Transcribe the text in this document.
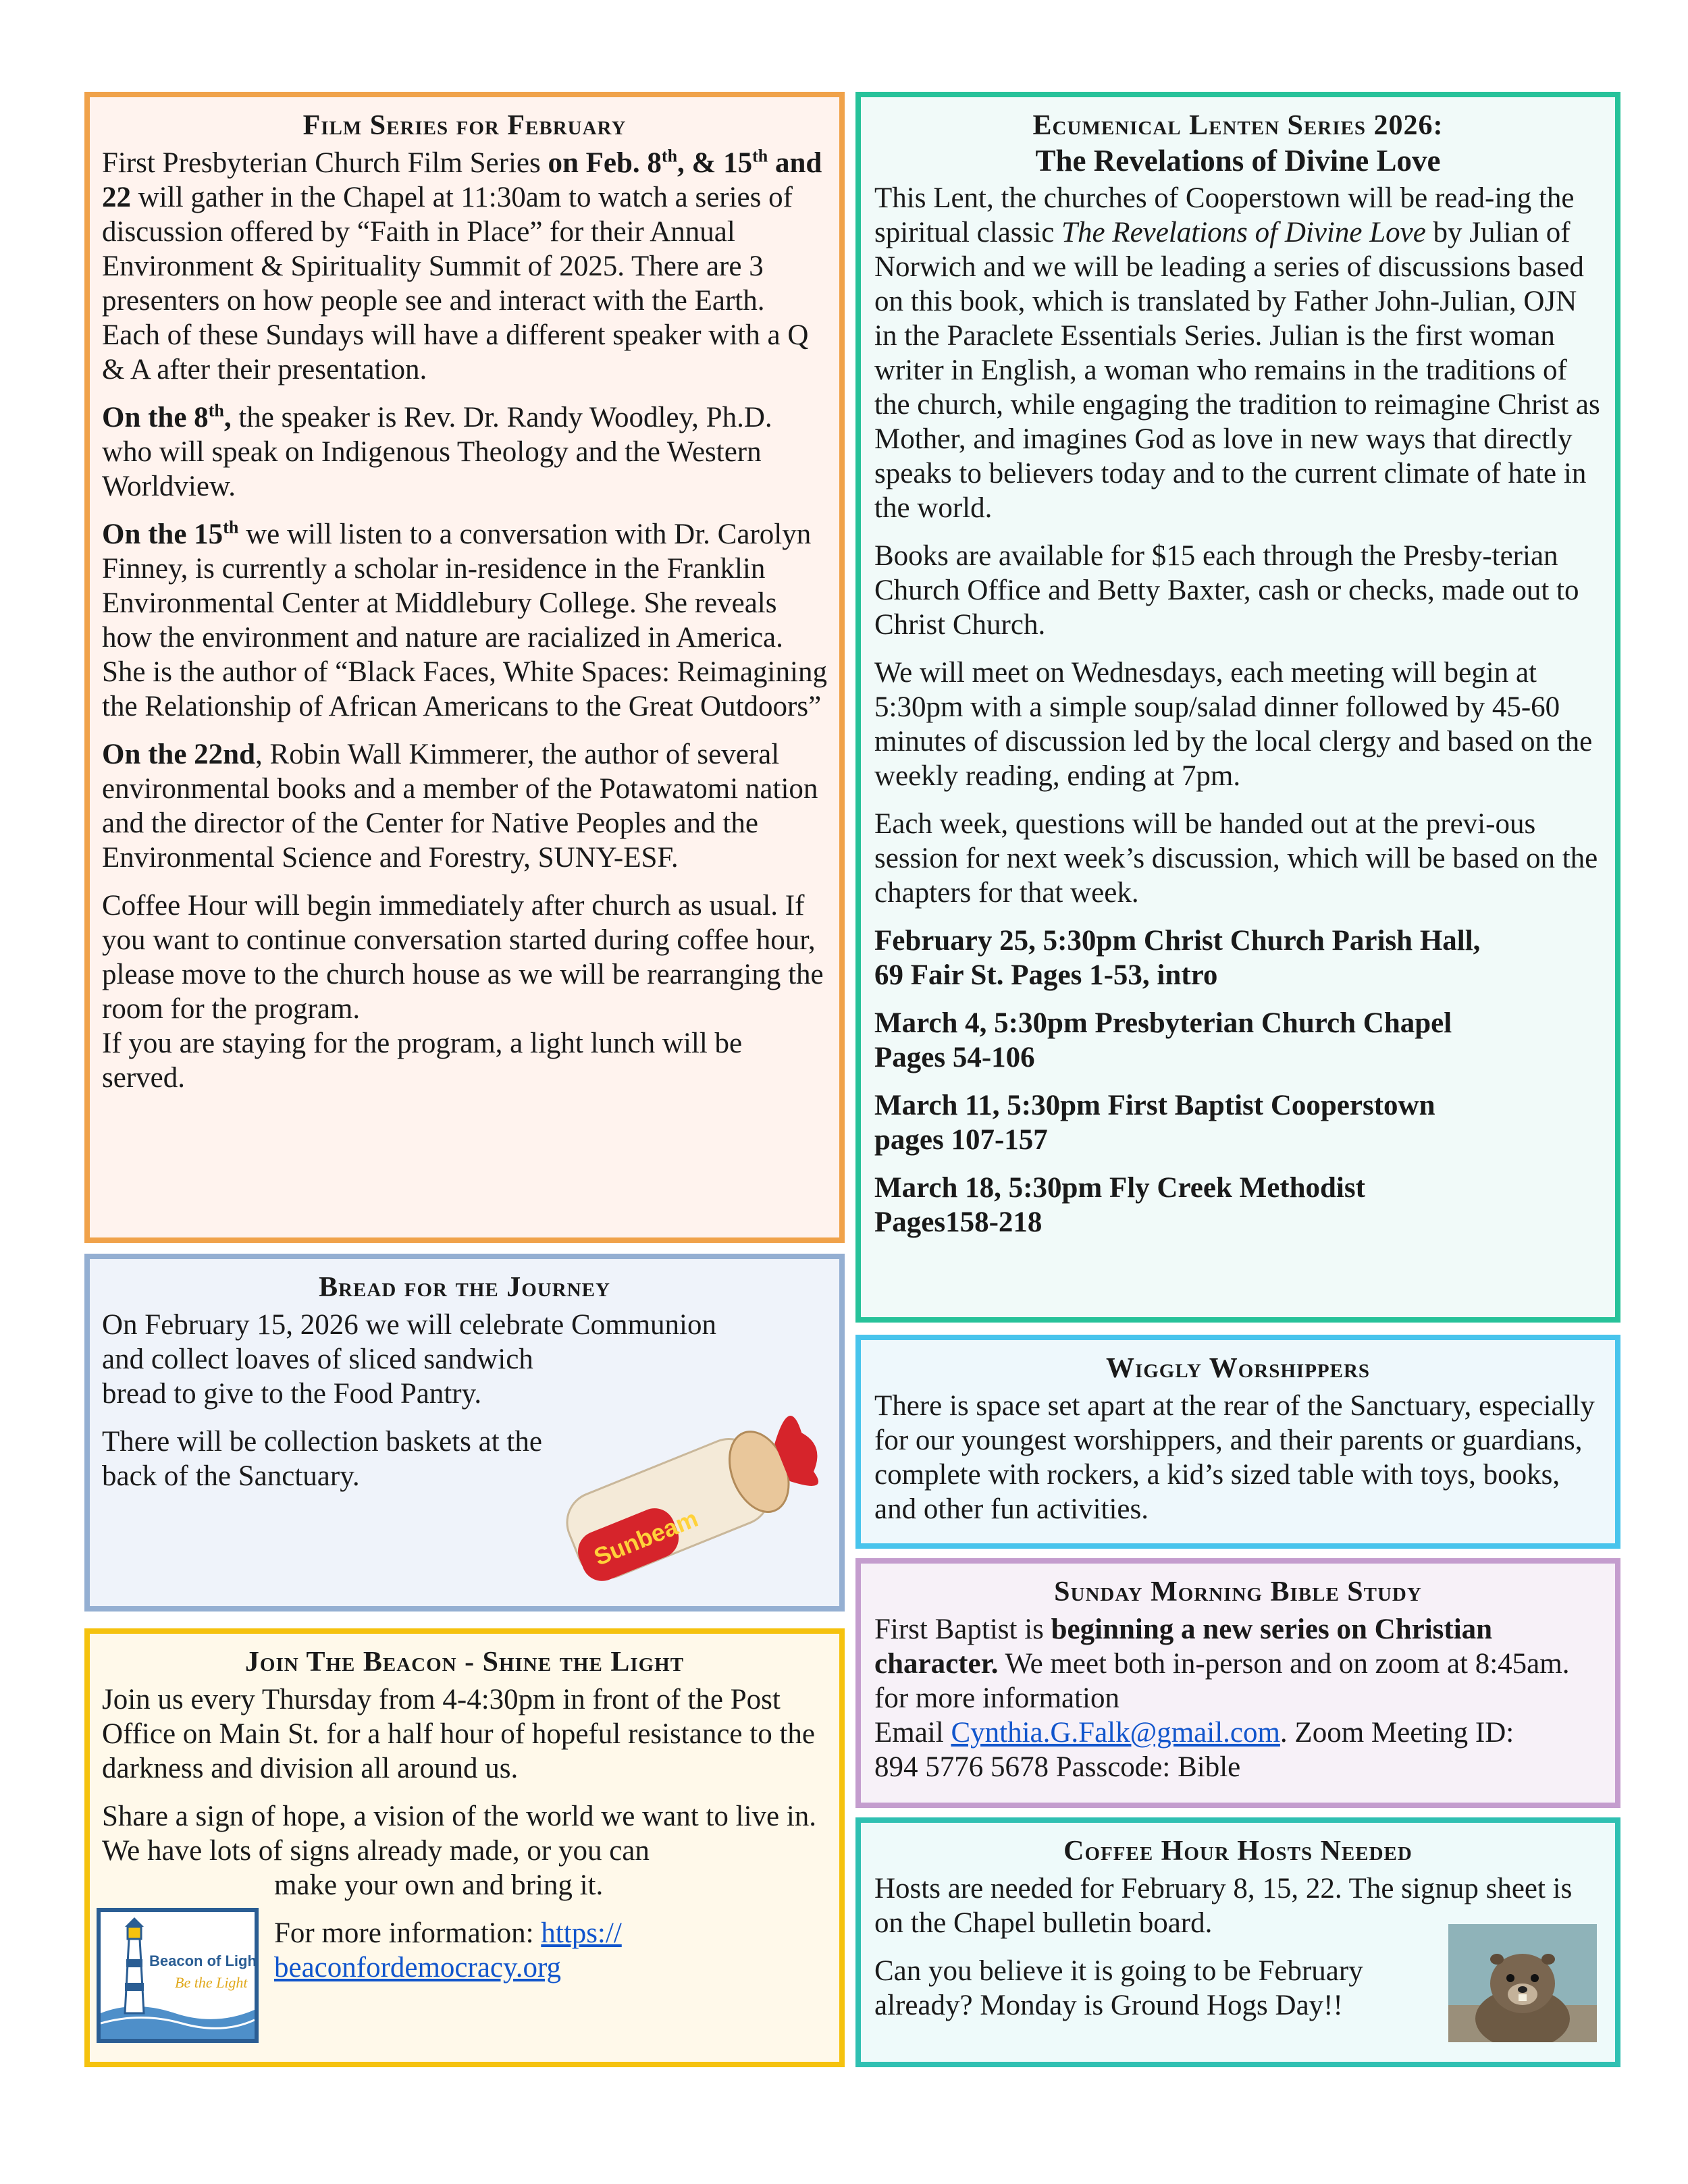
Film Series for February

First Presbyterian Church Film Series on Feb. 8th, & 15th and 22 will gather in the Chapel at 11:30am to watch a series of discussion offered by “Faith in Place” for their Annual Environment & Spirituality Summit of 2025. There are 3 presenters on how people see and interact with the Earth. Each of these Sundays will have a different speaker with a Q & A after their presentation.

On the 8th, the speaker is Rev. Dr. Randy Woodley, Ph.D. who will speak on Indigenous Theology and the Western Worldview.

On the 15th we will listen to a conversation with Dr. Carolyn Finney, is currently a scholar in-residence in the Franklin Environmental Center at Middlebury College. She reveals how the environment and nature are racialized in America. She is the author of “Black Faces, White Spaces: Reimagining the Relationship of African Americans to the Great Outdoors”

On the 22nd, Robin Wall Kimmerer, the author of several environmental books and a member of the Potawatomi nation and the director of the Center for Native Peoples and the Environmental Science and Forestry, SUNY-ESF.

Coffee Hour will begin immediately after church as usual. If you want to continue conversation started during coffee hour, please move to the church house as we will be rearranging the room for the program.

If you are staying for the program, a light lunch will be served.

Ecumenical Lenten Series 2026:
The Revelations of Divine Love

This Lent, the churches of Cooperstown will be read-ing the spiritual classic The Revelations of Divine Love by Julian of Norwich and we will be leading a series of discussions based on this book, which is translated by Father John-Julian, OJN in the Paraclete Essentials Series. Julian is the first woman writer in English, a woman who remains in the traditions of the church, while engaging the tradition to reimagine Christ as Mother, and imagines God as love in new ways that directly speaks to believers today and to the current climate of hate in the world.

Books are available for $15 each through the Presby-terian Church Office and Betty Baxter, cash or checks, made out to Christ Church.

We will meet on Wednesdays, each meeting will begin at 5:30pm with a simple soup/salad dinner followed by 45-60 minutes of discussion led by the local clergy and based on the weekly reading, ending at 7pm.

Each week, questions will be handed out at the previ-ous session for next week’s discussion, which will be based on the chapters for that week.

February 25, 5:30pm Christ Church Parish Hall,
69 Fair St. Pages 1-53, intro

March 4, 5:30pm Presbyterian Church Chapel
Pages 54-106

March 11, 5:30pm First Baptist Cooperstown
pages 107-157

March 18, 5:30pm Fly Creek Methodist
Pages158-218

Bread for the Journey

On February 15, 2026 we will celebrate Communion

and collect loaves of sliced sandwich bread to give to the Food Pantry.

There will be collection baskets at the back of the Sanctuary.

Sunbeam
Wiggly Worshippers

There is space set apart at the rear of the Sanctuary, especially for our youngest worshippers, and their parents or guardians, complete with rockers, a kid’s sized table with toys, books, and other fun activities.

Sunday Morning Bible Study

First Baptist is beginning a new series on Christian character. We meet both in-person and on zoom at 8:45am. for more information
Email Cynthia.G.Falk@gmail.com. Zoom Meeting ID:
894 5776 5678 Passcode: Bible

Join The Beacon - Shine the Light

Join us every Thursday from 4-4:30pm in front of the Post Office on Main St. for a half hour of hopeful resistance to the darkness and division all around us.

Share a sign of hope, a vision of the world we want to live in. We have lots of signs already made, or you can

make your own and bring it.

For more information: https://
beaconfordemocracy.org

Beacon of Light
Be the Light
Coffee Hour Hosts Needed

Hosts are needed for February 8, 15, 22. The signup sheet is on the Chapel bulletin board.

Can you believe it is going to be February already? Monday is Ground Hogs Day!!
